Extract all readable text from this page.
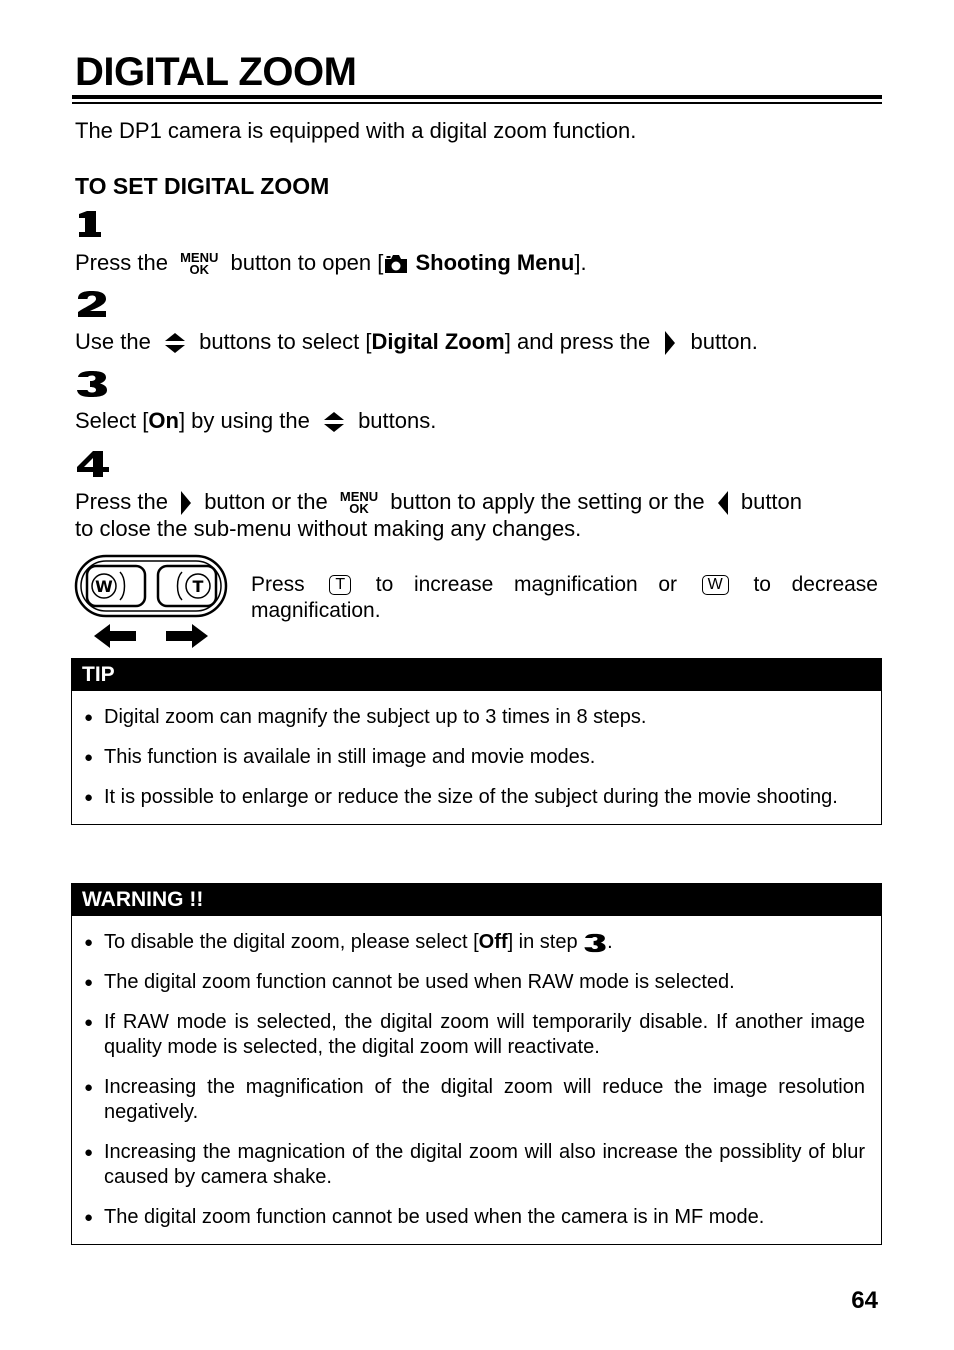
DIGITAL ZOOM
The DP1 camera is equipped with a digital zoom function.
TO SET DIGITAL ZOOM
Press the MENU
OK button to open [ Shooting Menu].
Use the buttons to select [Digital Zoom] and press the button.
Select [On] by using the buttons.
Press the button or the MENU
OK button to apply the setting or the button
to close the sub-menu without making any changes.
W	T Press T to increase magnification or W to decrease magnification.
TIP
● Digital zoom can magnify the subject up to 3 times in 8 steps.
● This function is availale in still image and movie modes.
● It is possible to enlarge or reduce the size of the subject during the movie shooting.
WARNING !!
● To disable the digital zoom, please select [Off] in step .
● The digital zoom function cannot be used when RAW mode is selected.
● If RAW mode is selected, the digital zoom will temporarily disable. If another image quality mode is selected, the digital zoom will reactivate.
● Increasing the magnification of the digital zoom will reduce the image resolution negatively.
● Increasing the magnication of the digital zoom will also increase the possiblity of blur caused by camera shake.
● The digital zoom function cannot be used when the camera is in MF mode.
64
